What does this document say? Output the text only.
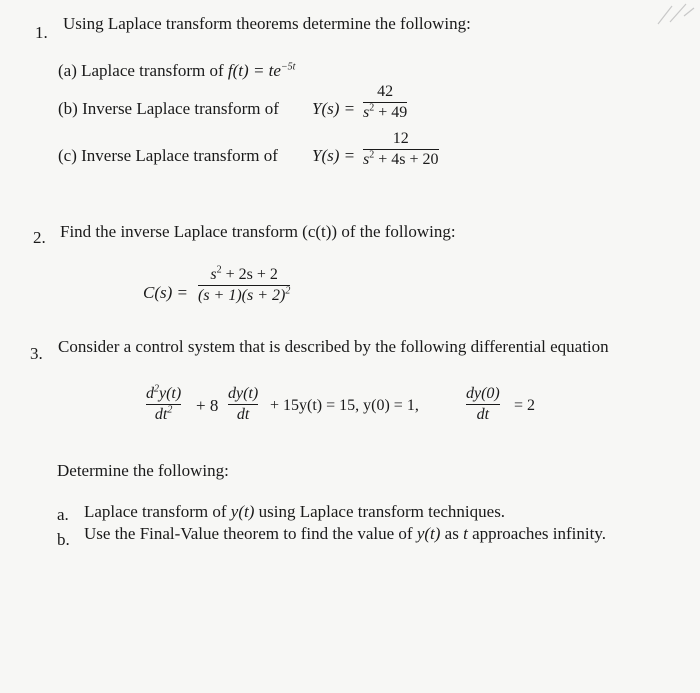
1. Using Laplace transform theorems determine the following:
(a) Laplace transform of $f(t) = te^{-5t}$
(b) Inverse Laplace transform of Y(s) =
42
$s^2 + 49$
(c) Inverse Laplace transform of Y(s) =
12
$s^2 + 4s + 20$
2. Find the inverse Laplace transform (c(t)) of the following:
C(s) =
$s^2 + 2s + 2$
$(s + 1)(s + 2)^2$
3. Consider a control system that is described by the following differential equation
$d^2y(t)$
$dt^2 + 8$
dy(t)
dt
+ 15y(t) = 15, y(0) = 1,
dy(0)
dt
= 2
Determine the following:
a. Laplace transform of y(t) using Laplace transform techniques.
b. Use the Final-Value theorem to find the value of y(t) as t approaches infinity.
